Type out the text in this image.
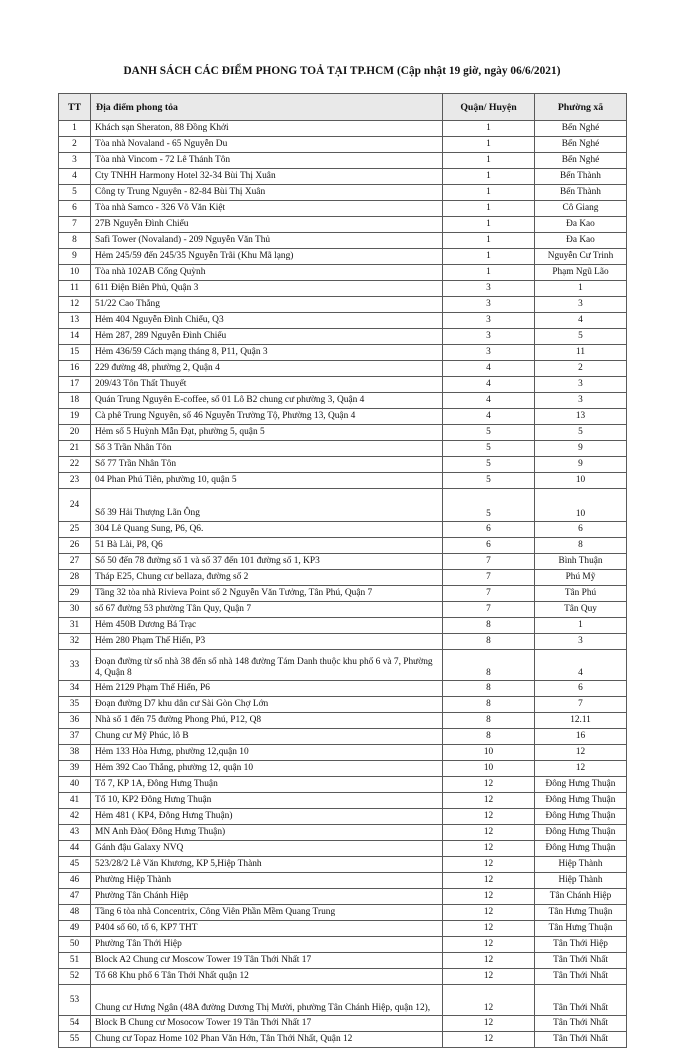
DANH SÁCH CÁC ĐIỂM PHONG TOẢ TẠI TP.HCM (Cập nhật 19 giờ, ngày 06/6/2021)
TT	Địa điểm phong tỏa	Quận/ Huyện	Phường xã
1	Khách sạn Sheraton, 88 Đồng Khởi	1	Bến Nghé
2	Tòa nhà Novaland - 65 Nguyễn Du	1	Bến Nghé
3	Tòa nhà Vincom - 72 Lê Thánh Tôn	1	Bến Nghé
4	Cty TNHH Harmony Hotel 32-34 Bùi Thị Xuân	1	Bến Thành
5	Công ty Trung Nguyên - 82-84 Bùi Thị Xuân	1	Bến Thành
6	Tòa nhà Samco - 326 Võ Văn Kiệt	1	Cô Giang
7	27B Nguyễn Đình Chiểu	1	Đa Kao
8	Safi Tower (Novaland) - 209 Nguyễn Văn Thủ	1	Đa Kao
9	Hẻm 245/59 đến 245/35 Nguyễn Trãi (Khu Mã lạng)	1	Nguyễn Cư Trinh
10	Tòa nhà 102AB Cống Quỳnh	1	Phạm Ngũ Lão
11	611 Điện Biên Phủ, Quận 3	3	1
12	51/22 Cao Thắng	3	3
13	Hẻm 404 Nguyễn Đình Chiểu, Q3	3	4
14	Hẻm 287, 289 Nguyễn Đình Chiểu	3	5
15	Hẻm 436/59 Cách mạng tháng 8, P11, Quận 3	3	11
16	229 đường 48, phường 2, Quận 4	4	2
17	209/43 Tôn Thất Thuyết	4	3
18	Quán Trung Nguyên E-coffee, số 01 Lô B2 chung cư phường 3, Quận 4	4	3
19	Cà phê Trung Nguyên, số 46 Nguyễn Trường Tộ, Phường 13, Quận 4	4	13
20	Hẻm số 5 Huỳnh Mẫn Đạt, phường 5, quận 5	5	5
21	Số 3 Trần Nhân Tôn	5	9
22	Số 77 Trần Nhân Tôn	5	9
23	04 Phan Phú Tiên, phường 10, quận 5	5	10
24	Số 39 Hải Thượng Lãn Ông	5	10
25	304 Lê Quang Sung, P6, Q6.	6	6
26	51 Bà Lài, P8, Q6	6	8
27	Số 50 đến 78 đường số 1 và số 37 đến 101 đường số 1, KP3	7	Bình Thuận
28	Tháp E25, Chung cư bellaza, đường số 2	7	Phú Mỹ
29	Tầng 32 tòa nhà Rivieva Point số 2 Nguyễn Văn Tưởng, Tân Phú, Quận 7	7	Tân Phú
30	số 67 đường 53 phường Tân Quy, Quận 7	7	Tân Quy
31	Hẻm 450B Dương Bá Trạc	8	1
32	Hẻm 280 Phạm Thế Hiển, P3	8	3
33	Đoạn đường từ số nhà 38 đến số nhà 148 đường Tám Danh thuộc khu phố 6 và 7, Phường 4, Quận 8	8	4
34	Hẻm 2129 Phạm Thế Hiển, P6	8	6
35	Đoạn đường D7 khu dân cư Sài Gòn Chợ Lớn	8	7
36	Nhà số 1 đến 75 đường Phong Phú, P12, Q8	8	12.11
37	Chung cư Mỹ Phúc, lô B	8	16
38	Hẻm 133 Hòa Hưng, phường 12,quận 10	10	12
39	Hẻm 392 Cao Thắng, phường 12, quận 10	10	12
40	Tổ 7, KP 1A, Đông Hưng Thuận	12	Đông Hưng Thuận
41	Tổ 10, KP2 Đông Hưng Thuận	12	Đông Hưng Thuận
42	Hẻm 481 ( KP4, Đông Hưng Thuận)	12	Đông Hưng Thuận
43	MN Anh Đào( Đông Hưng Thuận)	12	Đông Hưng Thuận
44	Gánh đậu Galaxy NVQ	12	Đông Hưng Thuận
45	523/28/2 Lê Văn Khương, KP 5,Hiệp Thành	12	Hiệp Thành
46	Phường Hiệp Thành	12	Hiệp Thành
47	Phường Tân Chánh Hiệp	12	Tân Chánh Hiệp
48	Tầng 6 tòa nhà Concentrix, Công Viên Phần Mềm Quang Trung	12	Tân Hưng Thuận
49	P404 số 60, tổ 6, KP7 THT	12	Tân Hưng Thuận
50	Phường Tân Thới Hiệp	12	Tân Thới Hiệp
51	Block A2 Chung cư Moscow Tower 19 Tân Thới Nhất 17	12	Tân Thới Nhất
52	Tổ 68 Khu phố 6 Tân Thới Nhất quận 12	12	Tân Thới Nhất
53	Chung cư Hưng Ngân (48A đường Dương Thị Mười, phường Tân Chánh Hiệp, quận 12),	12	Tân Thới Nhất
54	Block B Chung cư Mosocow Tower 19 Tân Thới Nhất 17	12	Tân Thới Nhất
55	Chung cư Topaz Home 102 Phan Văn Hớn, Tân Thới Nhất, Quận 12	12	Tân Thới Nhất
